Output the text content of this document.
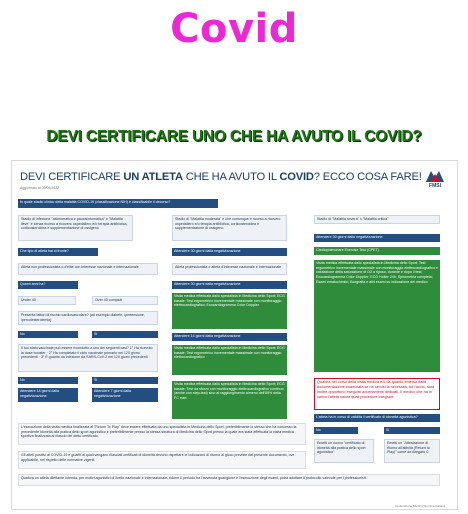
Covid
DEVI CERTIFICARE UNO CHE HA AVUTO IL COVID?
DEVI CERTIFICARE UN ATLETA CHE HA AVUTO IL COVID? ECCO COSA FARE!
Aggiornato al 09/09/2022	FMSI
In quale stadio clinico della malattia COVID-19 (classificazione NIH) è classificabile il decorso?
Stadio di infezione "asintomatica e paucisintomatica" o "Malattia lieve" e senza ricorso a ricovero ospedaliero e/o terapia antibiotica, corticosteroidea e supplementazione di ossigeno
Stadio di "Malattia moderata" e che comunque è ricorso a ricovero ospedaliero e/o terapia antibiotica, corticosteroidea e supplementazione di ossigeno
Stadio di "Malattia severa" o "Malattia critica"
Attendere 30 giorni dalla negativizzazione
Cardiopolmonare Exercise Test (CPET)
Visita medica effettuata dallo specialista in Medicina dello Sport; Test ergometrico incrementale massimale con monitoraggio elettrocardiografico e valutazione della saturazione di O2 a riposo, durante e dopo il test; Ecocardiogramma Color Doppler; ECG Holter 24h; Spirometria completa; Esami ematochimici; Ecografia e altri esami su indicazione del medico
Che tipo di atleta hai di fronte?	Attendere 30 giorni dalla negativizzazione
Atleta non professionista o d'élite con interesse nazionale e internazionale	Atleta professionista o atleta d'interesse nazionale e internazionale
Quanti anni ha?	Attendere 30 giorni dalla negativizzazione
Under 40	Over 40 compiuti
Visita medica effettuata dallo specialista in Medicina dello Sport; ECG basale; Test ergometrico incrementale massimale con monitoraggio elettrocardiografico; Ecocardiogramma Color Doppler
Presenta fattori di rischio cardiovascolare? (ad esempio diabete, ipertensione, ipercolesterolemia)
No	Sì	Attendere 14 giorni dalla negativizzazione
Il tuo stato vaccinale può essere ricondotto a uno dei seguenti casi? 1° Ha ricevuto la dose booster · 2° Ha completato il ciclo vaccinale primario nei 120 giorni precedenti · 3° È guarito da infezione da SARS-CoV-2 nei 120 giorni precedenti
Visita medica effettuata dallo specialista in Medicina dello Sport; ECG basale; Test ergometrico incrementale massimale con monitoraggio elettrocardiografico
No	Sì	Qualora nel corso della visita medica e/o da quanto emerso dalla documentazione esaminata se ne ravvisi la necessità, Ad l'avvio, sarà inoltre opportuno eseguire accertamenti dedicati. Il medico che ha in carico l'atleta valuta quali procedure integrare.
Visita medica effettuata dallo specialista in Medicina dello Sport; ECG basale; Test da sforzo con monitoraggio elettrocardiografico continuo (anche con step-test) sino al raggiungimento almeno dell'85% della FC max
Attendere 14 giorni dalla negativizzazione
Attendere 7 giorni dalla negativizzazione
L'atleta ha in corso di validità il certificato di idoneità agonistica?
No	Sì
Emetti un nuovo "certificato di idoneità alla pratica dello sport agonistico"
Emetti un "Attestazione di ritorno all'attività (Return to Play)" come da Allegato C
L'esecuzione della visita medica finalizzata al "Return To Play" deve essere effettuata da uno specialista in Medicina dello Sport, preferibilmente lo stesso che ha concesso la precedente idoneità alla pratica dello sport agonistico e preferibilmente presso la stessa struttura di Medicina dello Sport presso la quale era stata effettuata la visita medica sportiva finalizzata al rilascio del detto certificato.
Gli atleti positivi al COVID-19 e guariti ai quali vengano rilasciati certificati di idoneità devono rispettare le indicazioni di ritorno al gioco previste dal presente documento, ove applicabile, nel rispetto delle normative vigenti.
Qualora un atleta dilettante intenda, per motivi agonistici di livello nazionale e internazionale, ridurre il periodo tra l'avvenuta guarigione e l'esecuzione degli esami, potrà adottare il protocollo valevole per i professionisti.
Federazione Medico Sportiva Italiana
